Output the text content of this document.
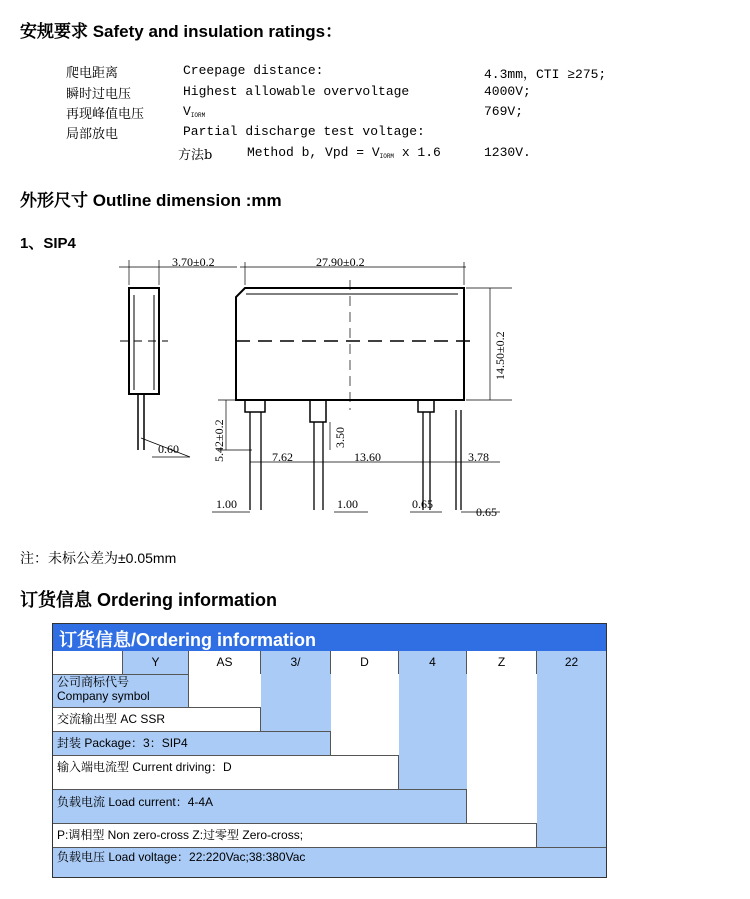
安规要求 Safety and insulation ratings：
爬电距离	Creepage distance:	4.3mm，CTI ≥275;
瞬时过电压	Highest allowable overvoltage	4000V;
再现峰值电压	$V_{IORM}$	769V;
局部放电	Partial discharge test voltage:
方法b	Method b, Vpd = $V_{IORM}$ x 1.6	1230V.
外形尺寸 Outline dimension :mm
1、SIP4
3.70±0.2	27.90±0.2
14.50±0.2
5.42±0.2	3.50
0.60
7.62	13.60	3.78
1.00	1.00	0.65
0.65
注：未标公差为±0.05mm
订货信息 Ordering information
订货信息/Ordering information
Y	AS	3/	D	4	Z	22
公司商标代号
Company symbol
交流输出型 AC SSR
封装 Package：3：SIP4
输入端电流型 Current driving：D
负载电流 Load current：4-4A
P:调相型 Non zero-cross Z:过零型 Zero-cross;
负载电压 Load voltage：22:220Vac;38:380Vac
